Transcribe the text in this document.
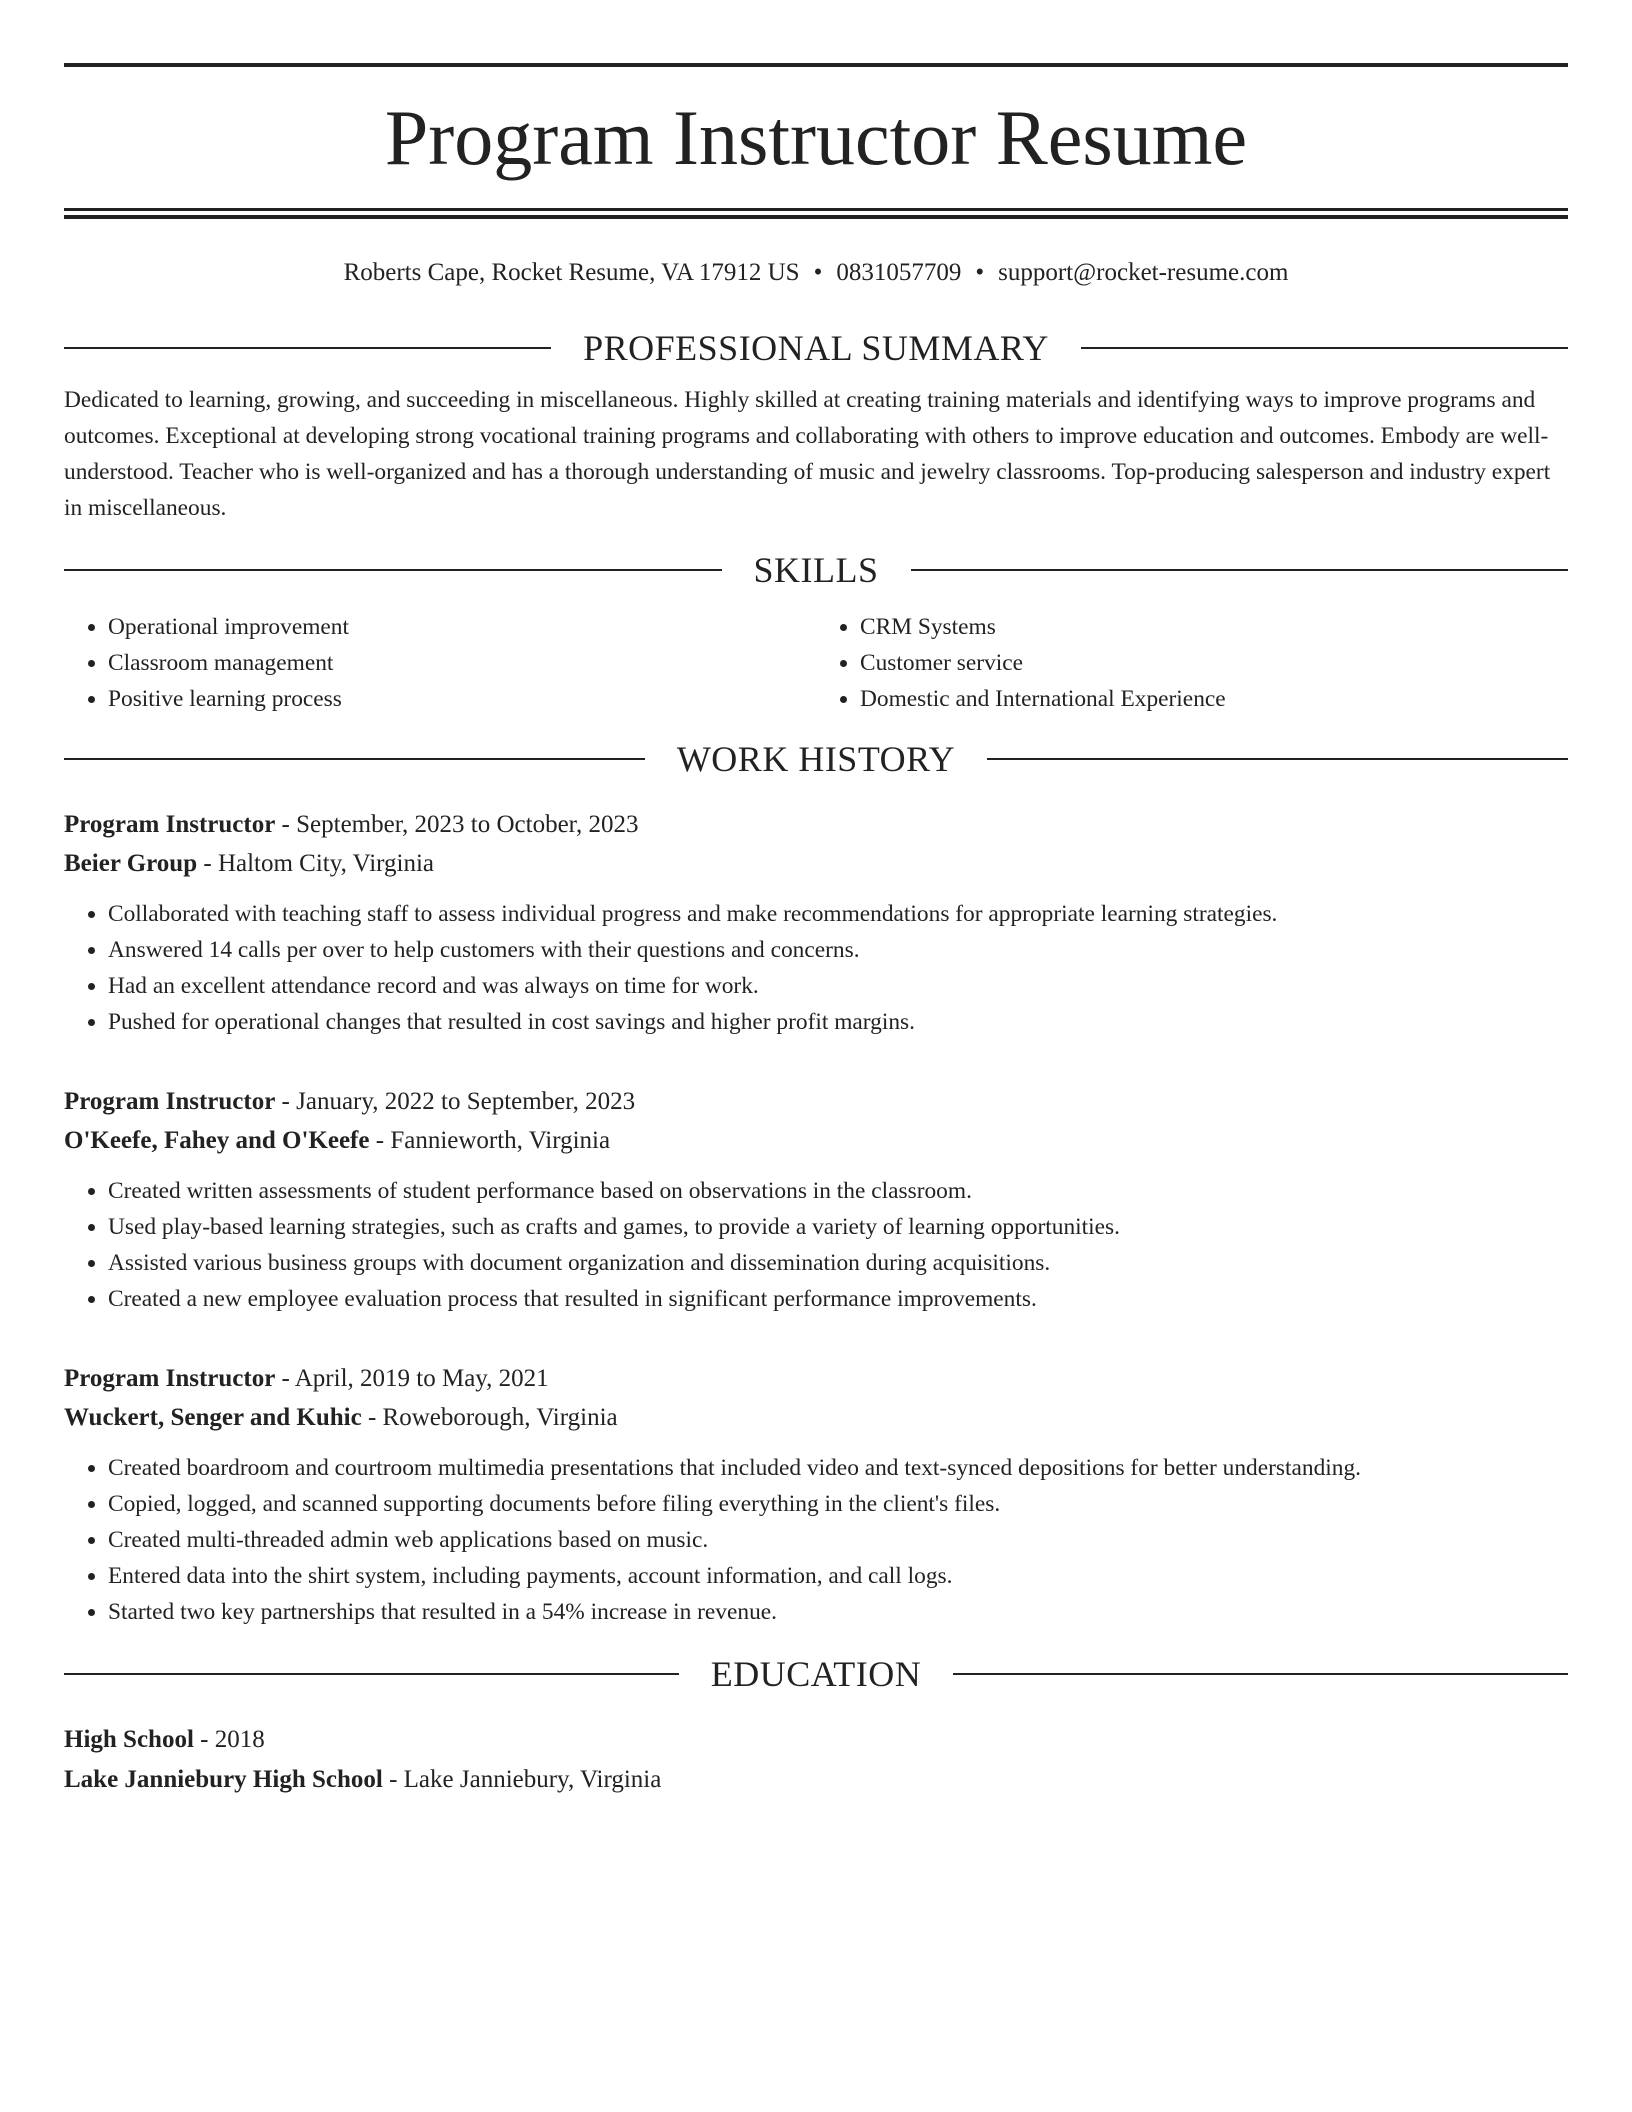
Program Instructor Resume
Roberts Cape, Rocket Resume, VA 17912 US • 0831057709 • support@rocket-resume.com
PROFESSIONAL SUMMARY

Dedicated to learning, growing, and succeeding in miscellaneous. Highly skilled at creating training materials and identifying ways to improve programs and outcomes. Exceptional at developing strong vocational training programs and collaborating with others to improve education and outcomes. Embody are well-understood. Teacher who is well-organized and has a thorough understanding of music and jewelry classrooms. Top-producing salesperson and industry expert in miscellaneous.

SKILLS
• Operational improvement
• Classroom management
• Positive learning process
• CRM Systems
• Customer service
• Domestic and International Experience
WORK HISTORY
Program Instructor - September, 2023 to October, 2023
Beier Group - Haltom City, Virginia
• Collaborated with teaching staff to assess individual progress and make recommendations for appropriate learning strategies.
• Answered 14 calls per over to help customers with their questions and concerns.
• Had an excellent attendance record and was always on time for work.
• Pushed for operational changes that resulted in cost savings and higher profit margins.
Program Instructor - January, 2022 to September, 2023
O'Keefe, Fahey and O'Keefe - Fannieworth, Virginia
• Created written assessments of student performance based on observations in the classroom.
• Used play-based learning strategies, such as crafts and games, to provide a variety of learning opportunities.
• Assisted various business groups with document organization and dissemination during acquisitions.
• Created a new employee evaluation process that resulted in significant performance improvements.
Program Instructor - April, 2019 to May, 2021
Wuckert, Senger and Kuhic - Roweborough, Virginia
• Created boardroom and courtroom multimedia presentations that included video and text-synced depositions for better understanding.
• Copied, logged, and scanned supporting documents before filing everything in the client's files.
• Created multi-threaded admin web applications based on music.
• Entered data into the shirt system, including payments, account information, and call logs.
• Started two key partnerships that resulted in a 54% increase in revenue.
EDUCATION
High School - 2018
Lake Janniebury High School - Lake Janniebury, Virginia
